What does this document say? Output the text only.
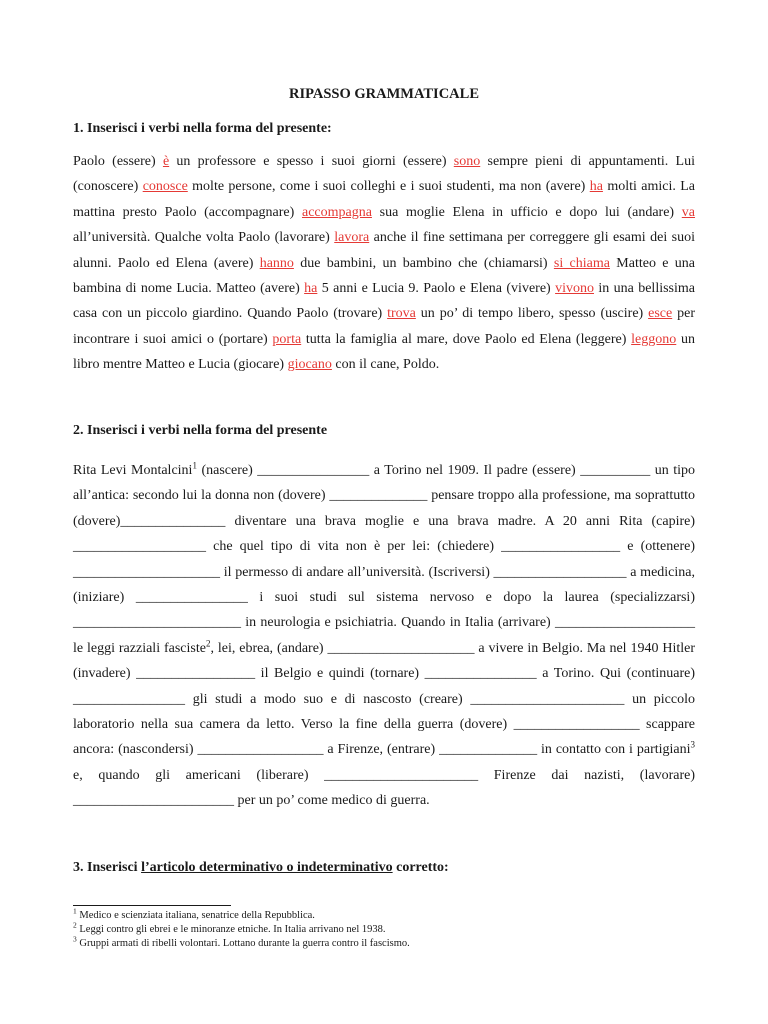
RIPASSO GRAMMATICALE
1. Inserisci i verbi nella forma del presente:
Paolo (essere) è un professore e spesso i suoi giorni (essere) sono sempre pieni di appuntamenti. Lui (conoscere) conosce molte persone, come i suoi colleghi e i suoi studenti, ma non (avere) ha molti amici. La mattina presto Paolo (accompagnare) accompagna sua moglie Elena in ufficio e dopo lui (andare) va all’università. Qualche volta Paolo (lavorare) lavora anche il fine settimana per correggere gli esami dei suoi alunni. Paolo ed Elena (avere) hanno due bambini, un bambino che (chiamarsi) si chiama Matteo e una bambina di nome Lucia. Matteo (avere) ha 5 anni e Lucia 9. Paolo e Elena (vivere) vivono in una bellissima casa con un piccolo giardino. Quando Paolo (trovare) trova un po’ di tempo libero, spesso (uscire) esce per incontrare i suoi amici o (portare) porta tutta la famiglia al mare, dove Paolo ed Elena (leggere) leggono un libro mentre Matteo e Lucia (giocare) giocano con il cane, Poldo.
2. Inserisci i verbi nella forma del presente
Rita Levi Montalcini$^1$ (nascere) ________________ a Torino nel 1909. Il padre (essere) __________ un tipo all’antica: secondo lui la donna non (dovere) ______________ pensare troppo alla professione, ma soprattutto (dovere)_______________ diventare una brava moglie e una brava madre. A 20 anni Rita (capire) ___________________ che quel tipo di vita non è per lei: (chiedere) _________________ e (ottenere) _____________________ il permesso di andare all’università. (Iscriversi) ___________________ a medicina, (iniziare) ________________ i suoi studi sul sistema nervoso e dopo la laurea (specializzarsi) ________________________ in neurologia e psichiatria. Quando in Italia (arrivare) ____________________ le leggi razziali fasciste$^2$, lei, ebrea, (andare) _____________________ a vivere in Belgio. Ma nel 1940 Hitler (invadere) _________________ il Belgio e quindi (tornare) ________________ a Torino. Qui (continuare) ________________ gli studi a modo suo e di nascosto (creare) ______________________ un piccolo laboratorio nella sua camera da letto. Verso la fine della guerra (dovere) __________________ scappare ancora: (nascondersi) __________________ a Firenze, (entrare) ______________ in contatto con i partigiani$^3$ e, quando gli americani (liberare) ______________________ Firenze dai nazisti, (lavorare) _______________________ per un po’ come medico di guerra.
3. Inserisci l’articolo determinativo o indeterminativo corretto:
$^1$ Medico e scienziata italiana, senatrice della Repubblica.
$^2$ Leggi contro gli ebrei e le minoranze etniche. In Italia arrivano nel 1938.
$^3$ Gruppi armati di ribelli volontari. Lottano durante la guerra contro il fascismo.
